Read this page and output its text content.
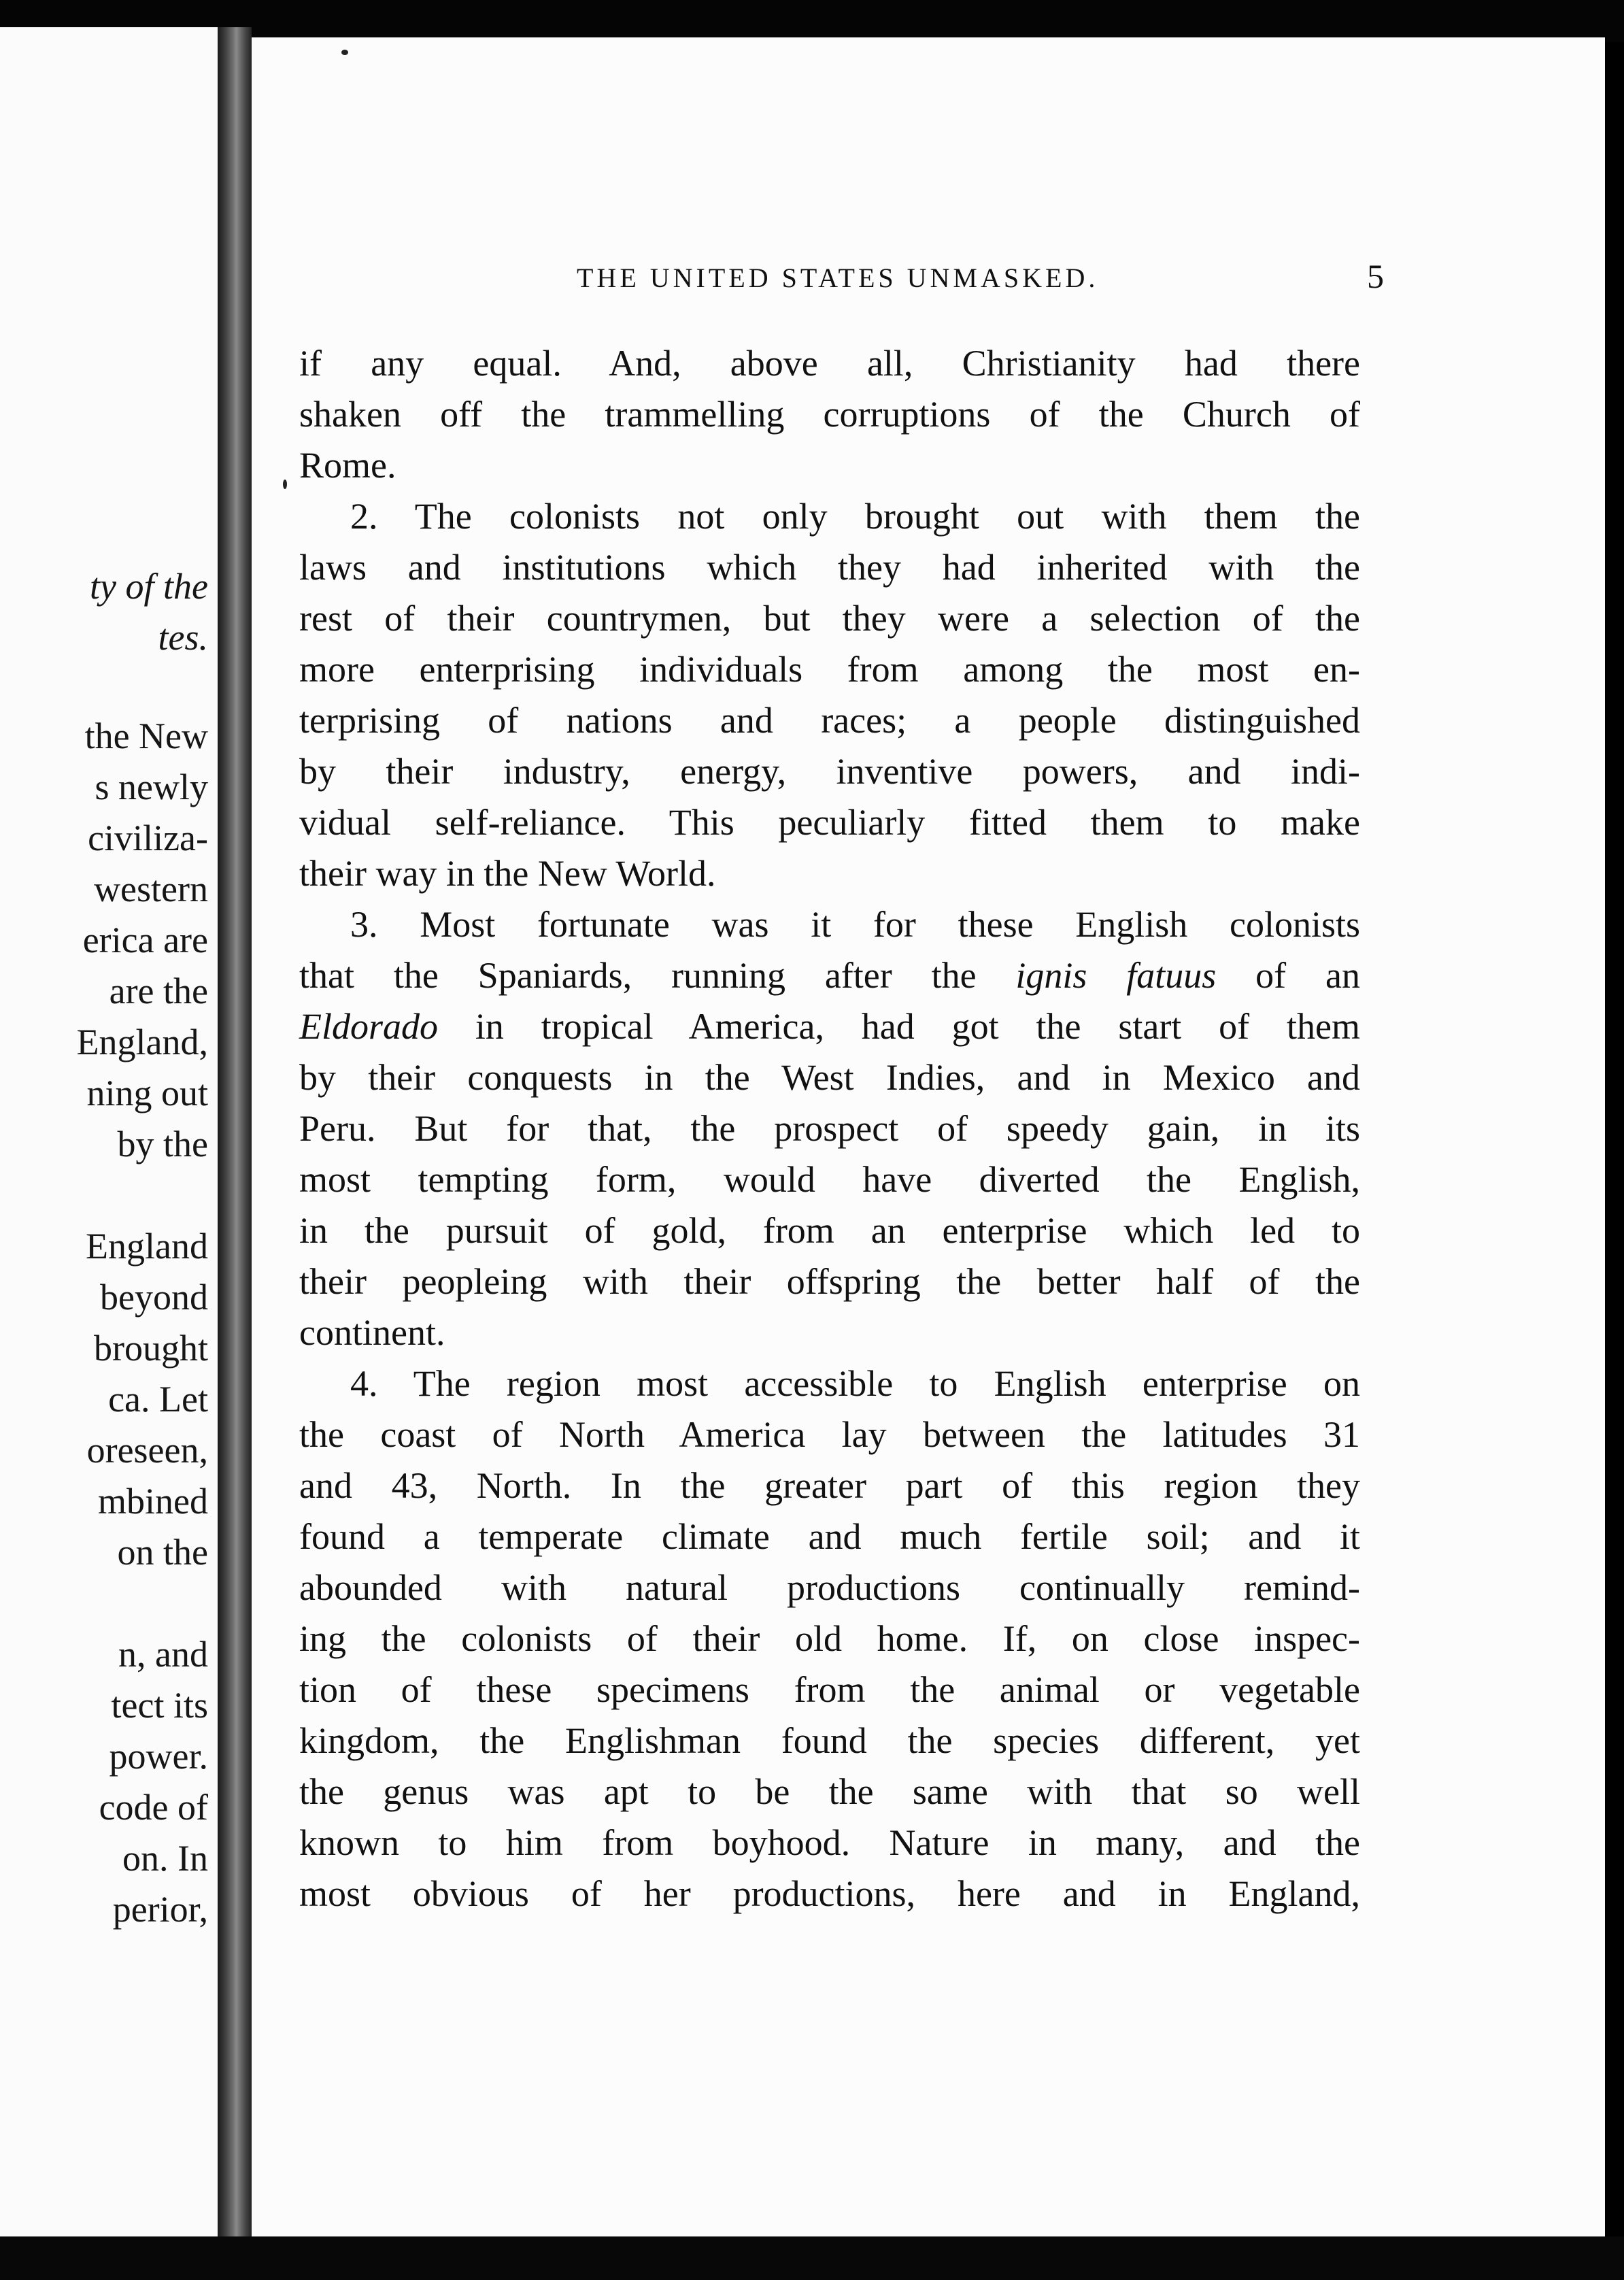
ty of the
tes.
the New
s newly
civiliza-
western
erica are
are the
England,
ning out
by the
England
beyond
brought
ca. Let
oreseen,
mbined
on the
n, and
tect its
power.
code of
on. In
perior,
THE UNITED STATES UNMASKED.	5
if any equal. And, above all, Christianity had there
shaken off the trammelling corruptions of the Church of
Rome.
2. The colonists not only brought out with them the
laws and institutions which they had inherited with the
rest of their countrymen, but they were a selection of the
more enterprising individuals from among the most en-
terprising of nations and races; a people distinguished
by their industry, energy, inventive powers, and indi-
vidual self-reliance. This peculiarly fitted them to make
their way in the New World.
3. Most fortunate was it for these English colonists
that the Spaniards, running after the ignis fatuus of an
Eldorado in tropical America, had got the start of them
by their conquests in the West Indies, and in Mexico and
Peru. But for that, the prospect of speedy gain, in its
most tempting form, would have diverted the English,
in the pursuit of gold, from an enterprise which led to
their peopleing with their offspring the better half of the
continent.
4. The region most accessible to English enterprise on
the coast of North America lay between the latitudes 31
and 43, North. In the greater part of this region they
found a temperate climate and much fertile soil; and it
abounded with natural productions continually remind-
ing the colonists of their old home. If, on close inspec-
tion of these specimens from the animal or vegetable
kingdom, the Englishman found the species different, yet
the genus was apt to be the same with that so well
known to him from boyhood. Nature in many, and the
most obvious of her productions, here and in England,
